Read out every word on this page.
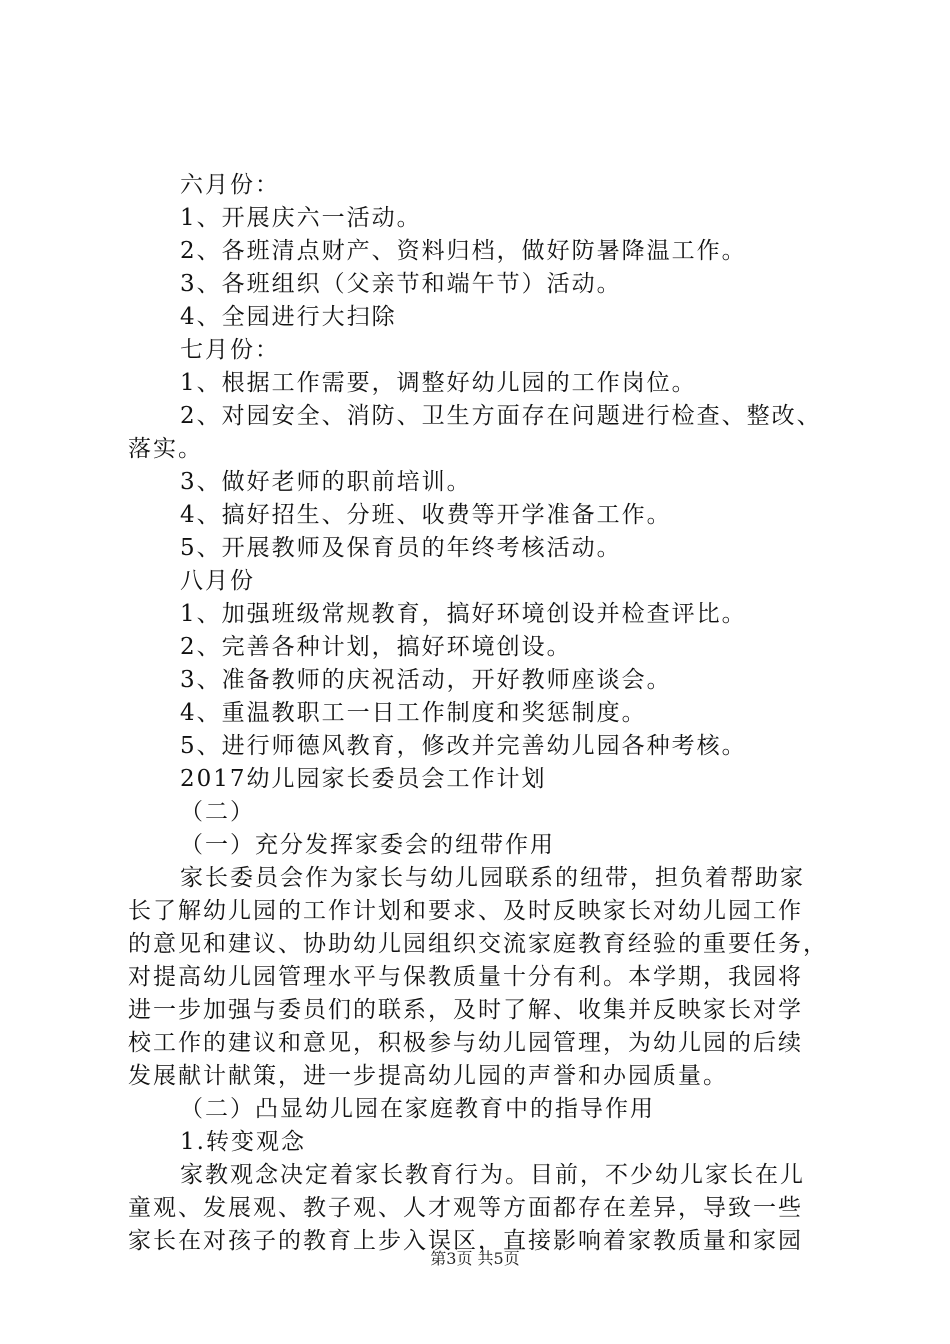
六月份：
1、开展庆六一活动。
2、各班清点财产、资料归档，做好防暑降温工作。
3、各班组织（父亲节和端午节）活动。
4、全园进行大扫除
七月份：
1、根据工作需要，调整好幼儿园的工作岗位。
2、对园安全、消防、卫生方面存在问题进行检查、整改、
落实。
3、做好老师的职前培训。
4、搞好招生、分班、收费等开学准备工作。
5、开展教师及保育员的年终考核活动。
八月份
1、加强班级常规教育，搞好环境创设并检查评比。
2、完善各种计划，搞好环境创设。
3、准备教师的庆祝活动，开好教师座谈会。
4、重温教职工一日工作制度和奖惩制度。
5、进行师德风教育，修改并完善幼儿园各种考核。
2017幼儿园家长委员会工作计划
（二）
（一）充分发挥家委会的纽带作用
家长委员会作为家长与幼儿园联系的纽带，担负着帮助家
长了解幼儿园的工作计划和要求、及时反映家长对幼儿园工作
的意见和建议、协助幼儿园组织交流家庭教育经验的重要任务，
对提高幼儿园管理水平与保教质量十分有利。本学期，我园将
进一步加强与委员们的联系，及时了解、收集并反映家长对学
校工作的建议和意见，积极参与幼儿园管理，为幼儿园的后续
发展献计献策，进一步提高幼儿园的声誉和办园质量。
（二）凸显幼儿园在家庭教育中的指导作用
1.转变观念
家教观念决定着家长教育行为。目前，不少幼儿家长在儿
童观、发展观、教子观、人才观等方面都存在差异，导致一些
家长在对孩子的教育上步入误区，直接影响着家教质量和家园
第3页 共5页
